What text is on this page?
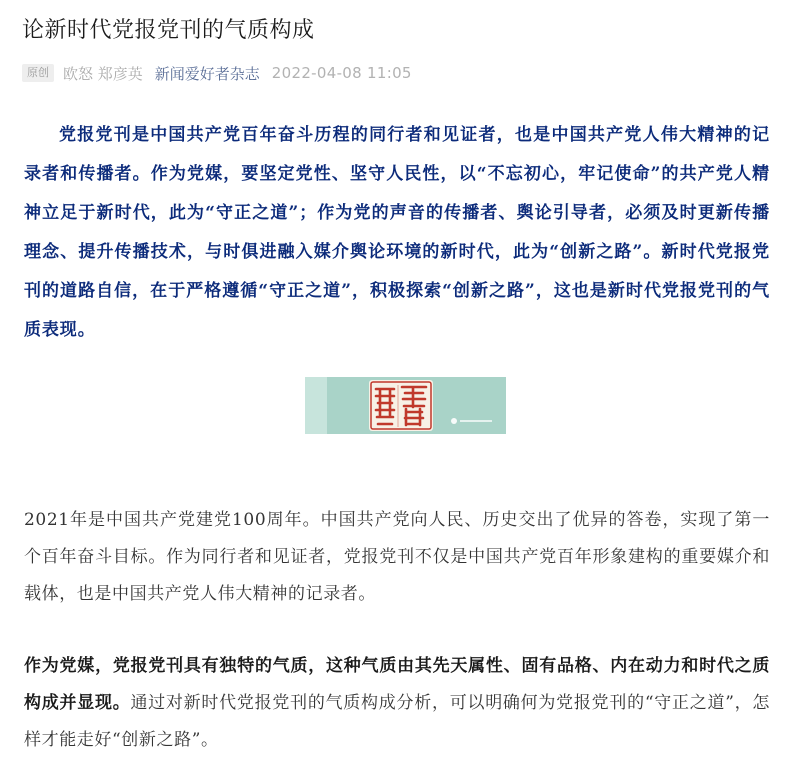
论新时代党报党刊的气质构成
原创 欧怒 郑彦英 新闻爱好者杂志 2022-04-08 11:05

党报党刊是中国共产党百年奋斗历程的同行者和见证者，也是中国共产党人伟大精神的记录者和传播者。作为党媒，要坚定党性、坚守人民性，以“不忘初心，牢记使命”的共产党人精神立足于新时代，此为“守正之道”；作为党的声音的传播者、舆论引导者，必须及时更新传播理念、提升传播技术，与时俱进融入媒介舆论环境的新时代，此为“创新之路”。新时代党报党刊的道路自信，在于严格遵循“守正之道”，积极探索“创新之路”，这也是新时代党报党刊的气质表现。

2021年是中国共产党建党100周年。中国共产党向人民、历史交出了优异的答卷，实现了第一个百年奋斗目标。作为同行者和见证者，党报党刊不仅是中国共产党百年形象建构的重要媒介和载体，也是中国共产党人伟大精神的记录者。

作为党媒，党报党刊具有独特的气质，这种气质由其先天属性、固有品格、内在动力和时代之质构成并显现。通过对新时代党报党刊的气质构成分析，可以明确何为党报党刊的“守正之道”，怎样才能走好“创新之路”。
